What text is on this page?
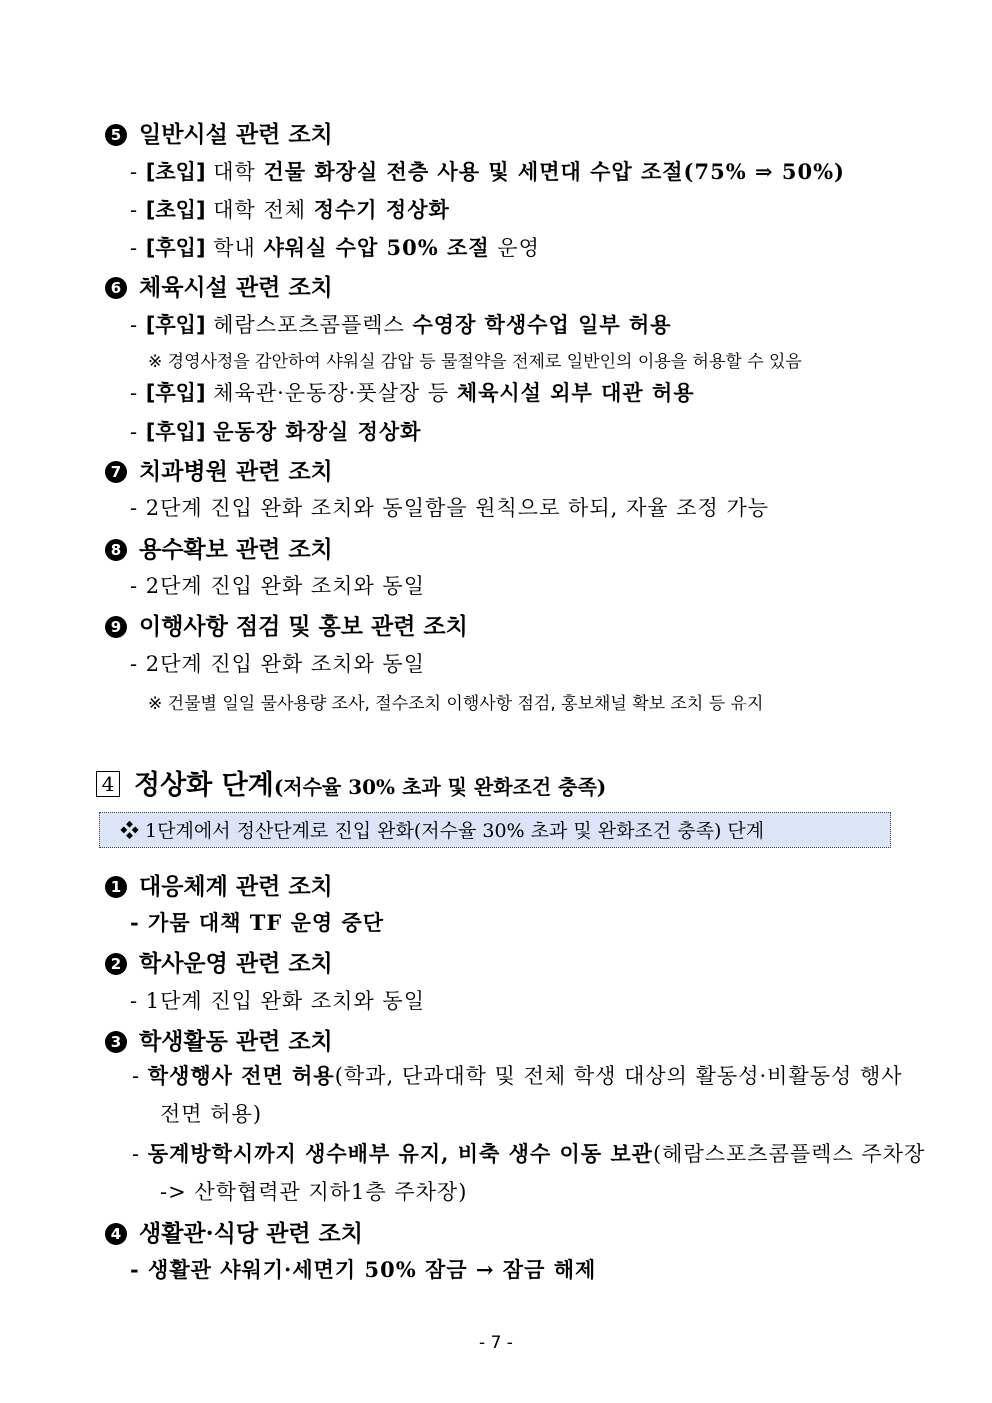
5 일반시설 관련 조치
- [초입] 대학 건물 화장실 전층 사용 및 세면대 수압 조절(75% ⇒ 50%)
- [초입] 대학 전체 정수기 정상화
- [후입] 학내 샤워실 수압 50% 조절 운영
6 체육시설 관련 조치
- [후입] 헤람스포츠콤플렉스 수영장 학생수업 일부 허용
※ 경영사정을 감안하여 샤워실 감압 등 물절약을 전제로 일반인의 이용을 허용할 수 있음
- [후입] 체육관·운동장·풋살장 등 체육시설 외부 대관 허용
- [후입] 운동장 화장실 정상화
7 치과병원 관련 조치
- 2단계 진입 완화 조치와 동일함을 원칙으로 하되, 자율 조정 가능
8 용수확보 관련 조치
- 2단계 진입 완화 조치와 동일
9 이행사항 점검 및 홍보 관련 조치
- 2단계 진입 완화 조치와 동일
※ 건물별 일일 물사용량 조사, 절수조치 이행사항 점검, 홍보채널 확보 조치 등 유지
4 정상화 단계(저수율 30% 초과 및 완화조건 충족)
❖ 1단계에서 정산단계로 진입 완화(저수율 30% 초과 및 완화조건 충족) 단계
1 대응체계 관련 조치
- 가뭄 대책 TF 운영 중단
2 학사운영 관련 조치
- 1단계 진입 완화 조치와 동일
3 학생활동 관련 조치
- 학생행사 전면 허용(학과, 단과대학 및 전체 학생 대상의 활동성·비활동성 행사 전면 허용)
- 동계방학시까지 생수배부 유지, 비축 생수 이동 보관(헤람스포츠콤플렉스 주차장 -> 산학협력관 지하1층 주차장)
4 생활관·식당 관련 조치
- 생활관 샤워기·세면기 50% 잠금 → 잠금 해제
- 7 -
